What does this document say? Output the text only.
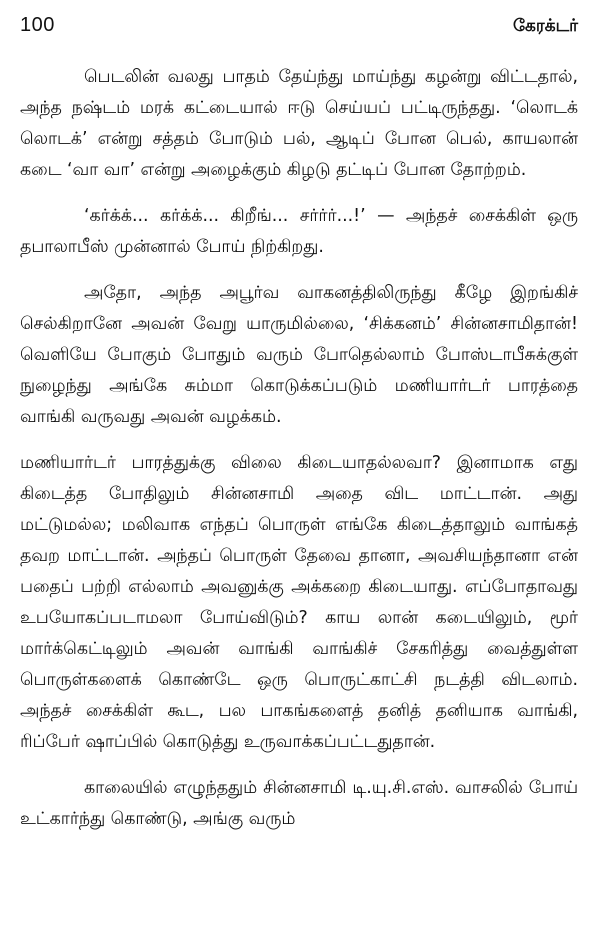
100	கேரக்டர்

பெடலின் வலது பாதம் தேய்ந்து மாய்ந்து கழன்று விட்டதால், அந்த நஷ்டம் மரக் கட்டையால் ஈடு செய்யப் பட்டிருந்தது. ‘லொடக் லொடக்’ என்று சத்தம் போடும் பல், ஆடிப் போன பெல், காயலான் கடை ‘வா வா’ என்று அழைக்கும் கிழடு தட்டிப் போன தோற்றம்.

‘கர்க்க்... கர்க்க்... கிறீங்... சர்ர்ர்...!’ — அந்தச் சைக்கிள் ஒரு தபாலாபீஸ் முன்னால் போய் நிற்கிறது.

அதோ, அந்த அபூர்வ வாகனத்திலிருந்து கீழே இறங்கிச் செல்கிறானே அவன் வேறு யாருமில்லை, ‘சிக்கனம்’ சின்னசாமிதான்! வெளியே போகும் போதும் வரும் போதெல்லாம் போஸ்டாபீசுக்குள் நுழைந்து அங்கே சும்மா கொடுக்கப்படும் மணியார்டர் பாரத்தை வாங்கி வருவது அவன் வழக்கம்.

மணியார்டர் பாரத்துக்கு விலை கிடையாதல்லவா? இனாமாக எது கிடைத்த போதிலும் சின்னசாமி அதை விட மாட்டான். அது மட்டுமல்ல; மலிவாக எந்தப் பொருள் எங்கே கிடைத்தாலும் வாங்கத் தவற மாட்டான். அந்தப் பொருள் தேவை தானா, அவசியந்தானா என் பதைப் பற்றி எல்லாம் அவனுக்கு அக்கறை கிடையாது. எப்போதாவது உபயோகப்படாமலா போய்விடும்? காய லான் கடையிலும், மூர் மார்க்கெட்டிலும் அவன் வாங்கி வாங்கிச் சேகரித்து வைத்துள்ள பொருள்களைக் கொண்டே ஒரு பொருட்காட்சி நடத்தி விடலாம். அந்தச் சைக்கிள் கூட, பல பாகங்களைத் தனித் தனியாக வாங்கி, ரிப்பேர் ஷாப்பில் கொடுத்து உருவாக்கப்பட்டதுதான்.

காலையில் எழுந்ததும் சின்னசாமி டி.யு.சி.எஸ். வாசலில் போய் உட்கார்ந்து கொண்டு, அங்கு வரும்
